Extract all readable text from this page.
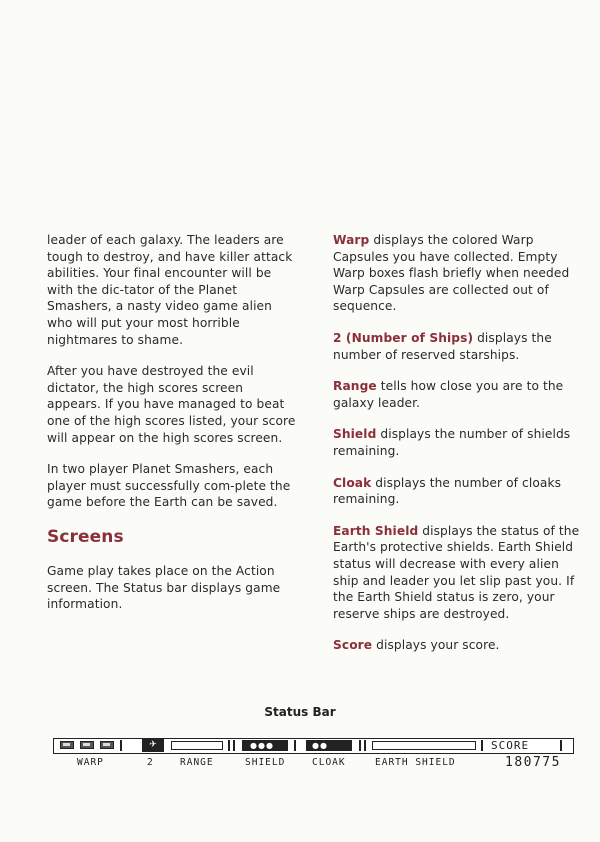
leader of each galaxy. The leaders are tough to destroy, and have killer attack abilities. Your final encounter will be with the dic-tator of the Planet Smashers, a nasty video game alien who will put your most horrible nightmares to shame.

After you have destroyed the evil dictator, the high scores screen appears. If you have managed to beat one of the high scores listed, your score will appear on the high scores screen.

In two player Planet Smashers, each player must successfully com-plete the game before the Earth can be saved.

Screens

Game play takes place on the Action screen. The Status bar displays game information.

Warp displays the colored Warp Capsules you have collected. Empty Warp boxes flash briefly when needed Warp Capsules are collected out of sequence.

2 (Number of Ships) displays the number of reserved starships.

Range tells how close you are to the galaxy leader.

Shield displays the number of shields remaining.

Cloak displays the number of cloaks remaining.

Earth Shield displays the status of the Earth's protective shields. Earth Shield status will decrease with every alien ship and leader you let slip past you. If the Earth Shield status is zero, your reserve ships are destroyed.

Score displays your score.

Status Bar
✈	●●●	●●	SCORE
WARP	2	RANGE	SHIELD	CLOAK	EARTH SHIELD	180775
